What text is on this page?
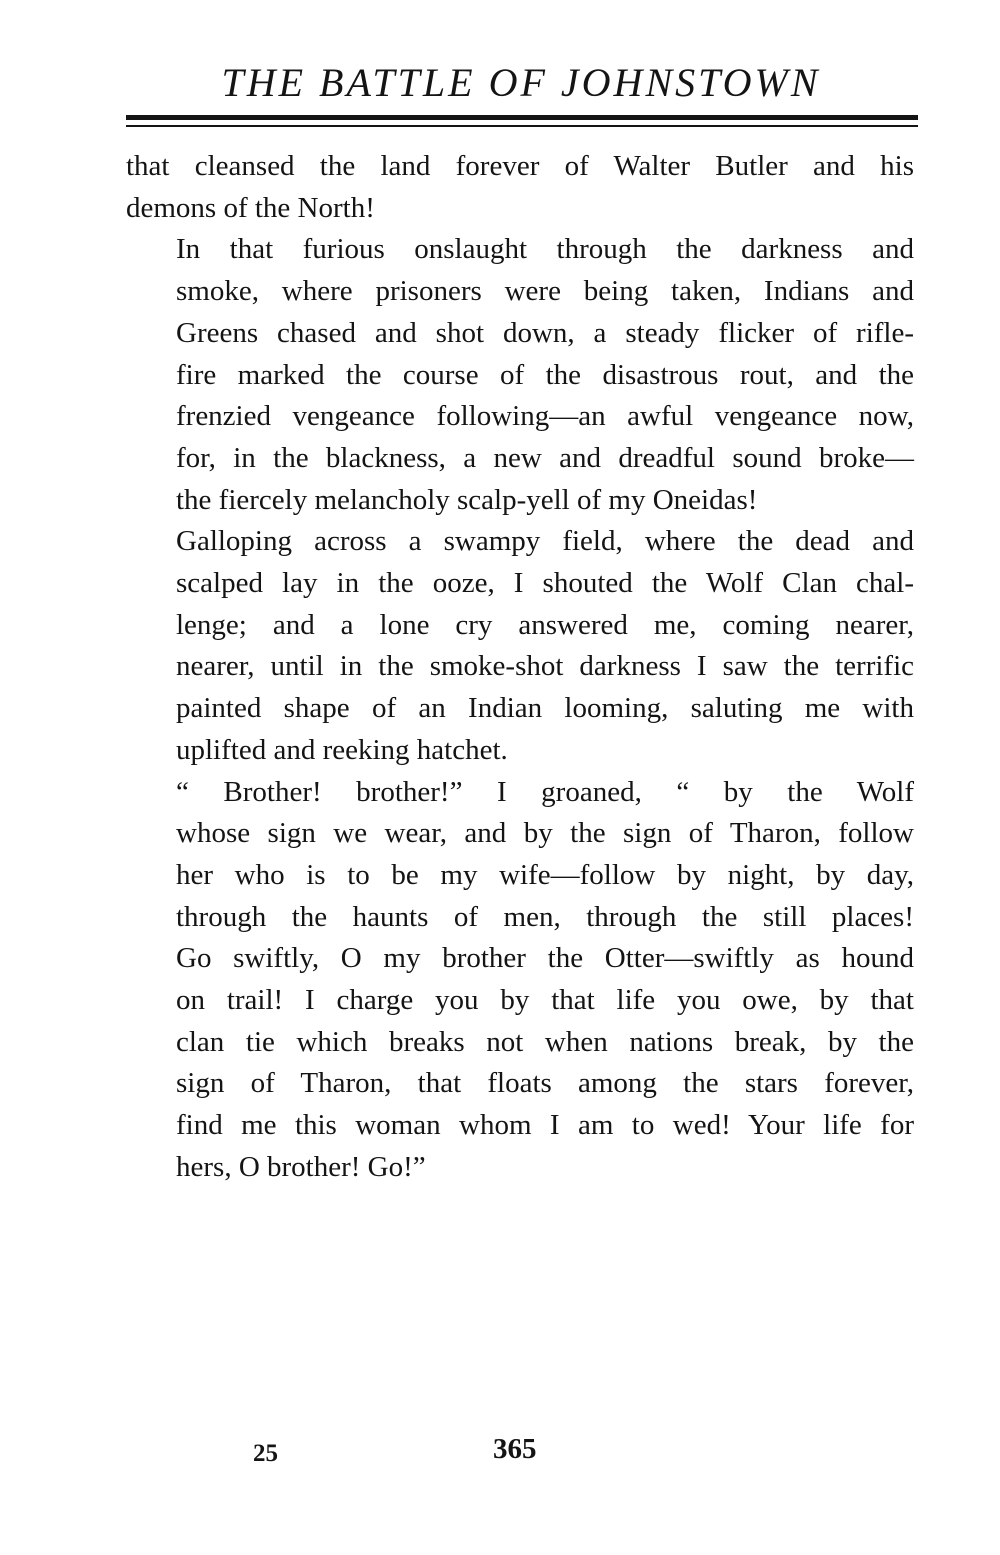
THE BATTLE OF JOHNSTOWN

that cleansed the land forever of Walter Butler and his
demons of the North!

In that furious onslaught through the darkness and
smoke, where prisoners were being taken, Indians and
Greens chased and shot down, a steady flicker of rifle-
fire marked the course of the disastrous rout, and the
frenzied vengeance following—an awful vengeance now,
for, in the blackness, a new and dreadful sound broke—
the fiercely melancholy scalp-yell of my Oneidas!

Galloping across a swampy field, where the dead and
scalped lay in the ooze, I shouted the Wolf Clan chal-
lenge; and a lone cry answered me, coming nearer,
nearer, until in the smoke-shot darkness I saw the terrific
painted shape of an Indian looming, saluting me with
uplifted and reeking hatchet.

“ Brother! brother!” I groaned, “ by the Wolf
whose sign we wear, and by the sign of Tharon, follow
her who is to be my wife—follow by night, by day,
through the haunts of men, through the still places!
Go swiftly, O my brother the Otter—swiftly as hound
on trail! I charge you by that life you owe, by that
clan tie which breaks not when nations break, by the
sign of Tharon, that floats among the stars forever,
find me this woman whom I am to wed! Your life for
hers, O brother! Go!”

25	365
